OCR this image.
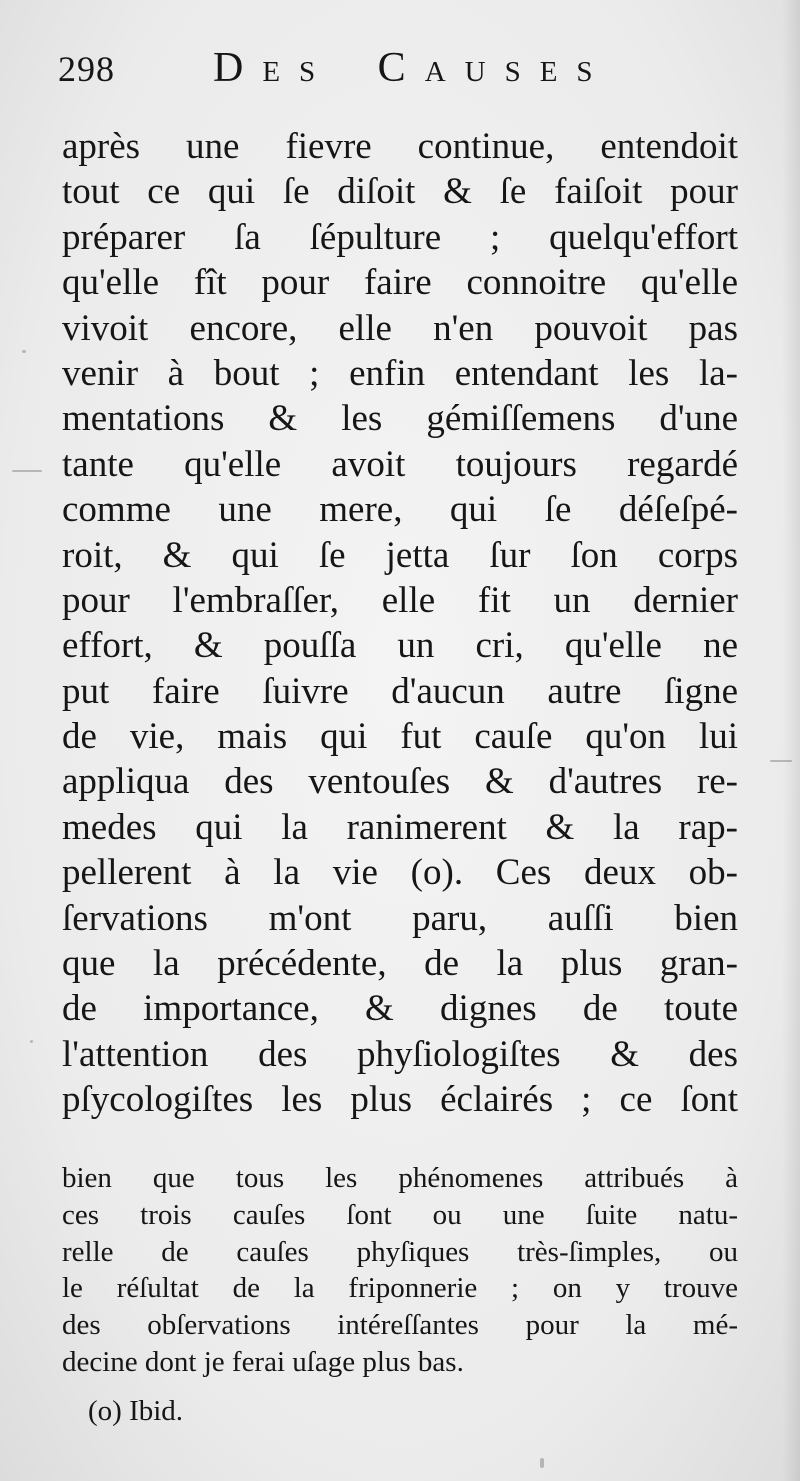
298 Des Causes
après une fievre continue, entendoit
tout ce qui ſe diſoit & ſe faiſoit pour
préparer ſa ſépulture ; quelqu'effort
qu'elle fît pour faire connoitre qu'elle
vivoit encore, elle n'en pouvoit pas
venir à bout ; enfin entendant les la-
mentations & les gémiſſemens d'une
tante qu'elle avoit toujours regardé
comme une mere, qui ſe déſeſpé-
roit, & qui ſe jetta ſur ſon corps
pour l'embraſſer, elle fit un dernier
effort, & pouſſa un cri, qu'elle ne
put faire ſuivre d'aucun autre ſigne
de vie, mais qui fut cauſe qu'on lui
appliqua des ventouſes & d'autres re-
medes qui la ranimerent & la rap-
pellerent à la vie (o). Ces deux ob-
ſervations m'ont paru, auſſi bien
que la précédente, de la plus gran-
de importance, & dignes de toute
l'attention des phyſiologiſtes & des
pſycologiſtes les plus éclairés ; ce ſont
bien que tous les phénomenes attribués à
ces trois cauſes ſont ou une ſuite natu-
relle de cauſes phyſiques très-ſimples, ou
le réſultat de la friponnerie ; on y trouve
des obſervations intéreſſantes pour la mé-
decine dont je ferai uſage plus bas.
(o) Ibid.
